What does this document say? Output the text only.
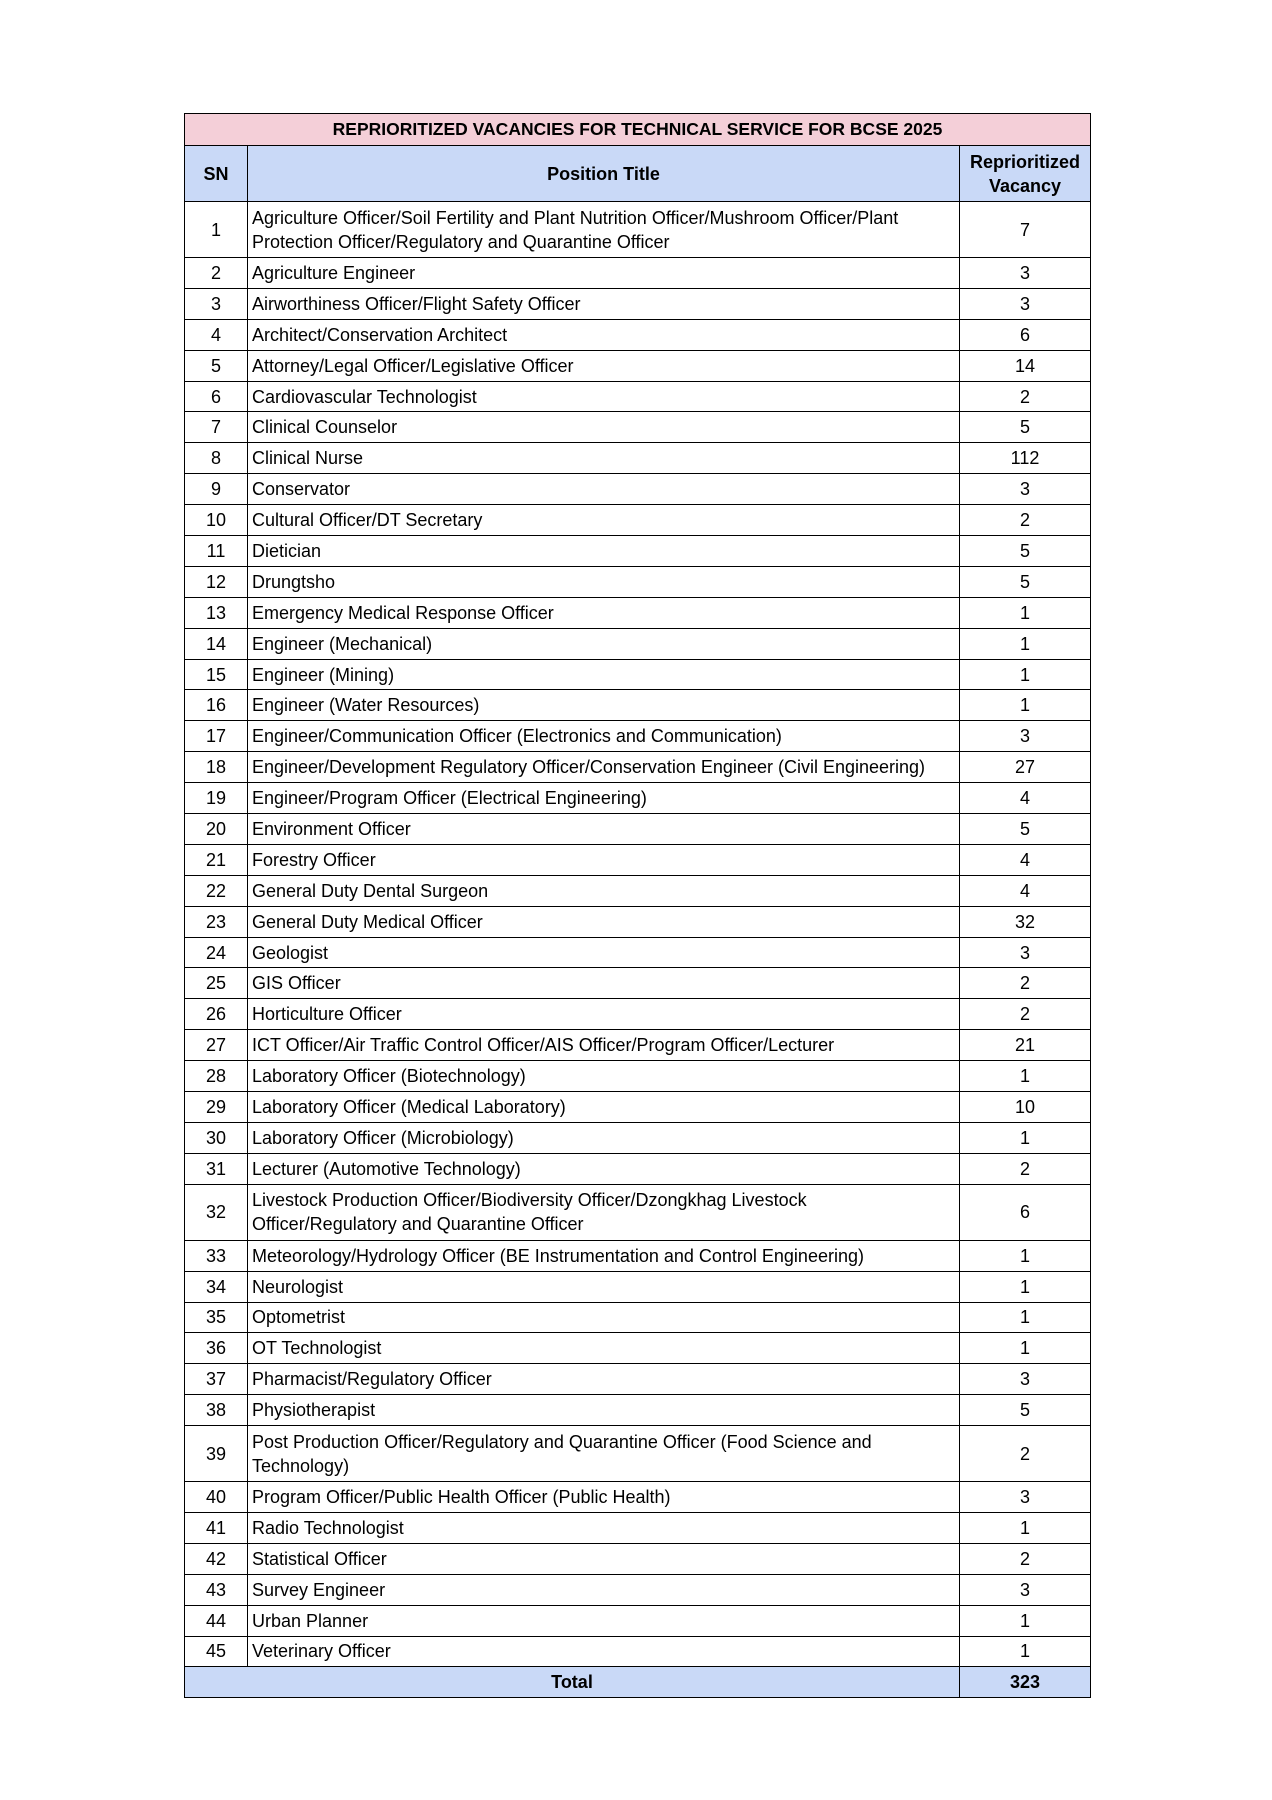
REPRIORITIZED VACANCIES FOR TECHNICAL SERVICE FOR BCSE 2025		
SN	Position Title	Reprioritized
Vacancy
1	Agriculture Officer/Soil Fertility and Plant Nutrition Officer/Mushroom Officer/Plant Protection Officer/Regulatory and Quarantine Officer	7
2	Agriculture Engineer	3
3	Airworthiness Officer/Flight Safety Officer	3
4	Architect/Conservation Architect	6
5	Attorney/Legal Officer/Legislative Officer	14
6	Cardiovascular Technologist	2
7	Clinical Counselor	5
8	Clinical Nurse	112
9	Conservator	3
10	Cultural Officer/DT Secretary	2
11	Dietician	5
12	Drungtsho	5
13	Emergency Medical Response Officer	1
14	Engineer (Mechanical)	1
15	Engineer (Mining)	1
16	Engineer (Water Resources)	1
17	Engineer/Communication Officer (Electronics and Communication)	3
18	Engineer/Development Regulatory Officer/Conservation Engineer (Civil Engineering)	27
19	Engineer/Program Officer (Electrical Engineering)	4
20	Environment Officer	5
21	Forestry Officer	4
22	General Duty Dental Surgeon	4
23	General Duty Medical Officer	32
24	Geologist	3
25	GIS Officer	2
26	Horticulture Officer	2
27	ICT Officer/Air Traffic Control Officer/AIS Officer/Program Officer/Lecturer	21
28	Laboratory Officer (Biotechnology)	1
29	Laboratory Officer (Medical Laboratory)	10
30	Laboratory Officer (Microbiology)	1
31	Lecturer (Automotive Technology)	2
32	Livestock Production Officer/Biodiversity Officer/Dzongkhag Livestock Officer/Regulatory and Quarantine Officer	6
33	Meteorology/Hydrology Officer (BE Instrumentation and Control Engineering)	1
34	Neurologist	1
35	Optometrist	1
36	OT Technologist	1
37	Pharmacist/Regulatory Officer	3
38	Physiotherapist	5
39	Post Production Officer/Regulatory and Quarantine Officer (Food Science and Technology)	2
40	Program Officer/Public Health Officer (Public Health)	3
41	Radio Technologist	1
42	Statistical Officer	2
43	Survey Engineer	3
44	Urban Planner	1
45	Veterinary Officer	1
Total		323
